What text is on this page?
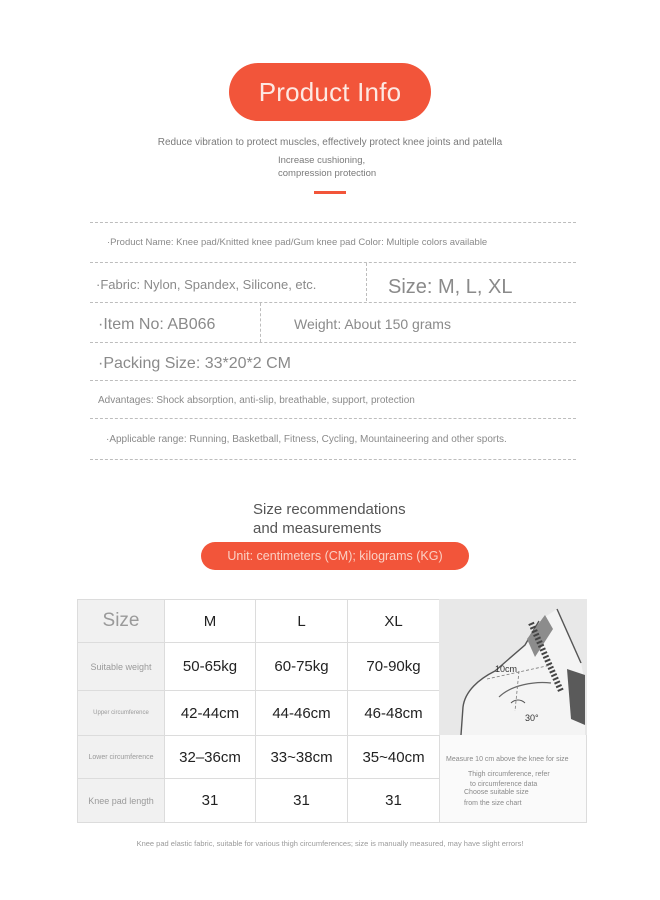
Product Info
Reduce vibration to protect muscles, effectively protect knee joints and patella
Increase cushioning,
compression protection
·Product Name: Knee pad/Knitted knee pad/Gum knee pad Color: Multiple colors available
·Fabric: Nylon, Spandex, Silicone, etc.	Size: M, L, XL
·Item No: AB066	Weight: About 150 grams
·Packing Size: 33*20*2 CM
Advantages: Shock absorption, anti-slip, breathable, support, protection
·Applicable range: Running, Basketball, Fitness, Cycling, Mountaineering and other sports.
Size recommendations
and measurements
Unit: centimeters (CM); kilograms (KG)
Size	M	L	XL
Suitable weight	50-65kg	60-75kg	70-90kg
Upper circumference	42-44cm	44-46cm	46-48cm
Lower circumference	32–36cm	33~38cm	35~40cm
Knee pad length	31	31	31
10cm
30°
Measure 10 cm above the knee for size
Thigh circumference, refer
to circumference data
Choose suitable size
from the size chart
Knee pad elastic fabric, suitable for various thigh circumferences; size is manually measured, may have slight errors!
